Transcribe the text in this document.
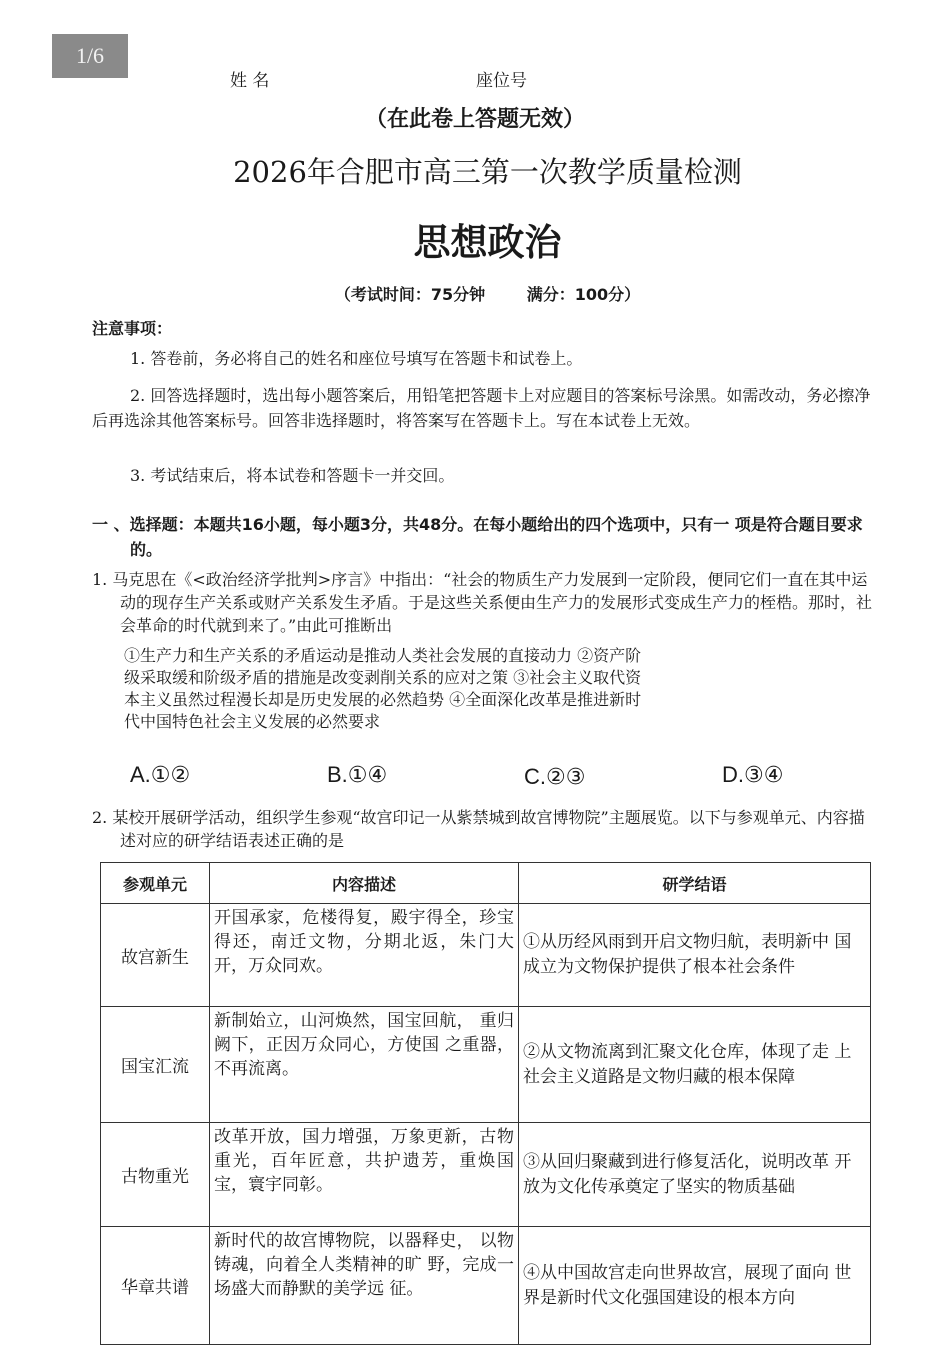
1/6
姓 名	座位号
（在此卷上答题无效）
2026年合肥市高三第一次教学质量检测
思想政治
（考试时间：75分钟	满分：100分）
注意事项：
1. 答卷前，务必将自己的姓名和座位号填写在答题卡和试卷上。
2. 回答选择题时，选出每小题答案后，用铅笔把答题卡上对应题目的答案标号涂黑。如需改动，务必擦净后再选涂其他答案标号。回答非选择题时，将答案写在答题卡上。写在本试卷上无效。
3. 考试结束后，将本试卷和答题卡一并交回。
一 、选择题：本题共16小题，每小题3分，共48分。在每小题给出的四个选项中，只有一 项是符合题目要求的。
1. 马克思在《<政治经济学批判>序言》中指出：“社会的物质生产力发展到一定阶段，便同它们一直在其中运动的现存生产关系或财产关系发生矛盾。于是这些关系便由生产力的发展形式变成生产力的桎梏。那时，社会革命的时代就到来了。”由此可推断出
①生产力和生产关系的矛盾运动是推动人类社会发展的直接动力 ②资产阶级采取缓和阶级矛盾的措施是改变剥削关系的应对之策 ③社会主义取代资本主义虽然过程漫长却是历史发展的必然趋势 ④全面深化改革是推进新时代中国特色社会主义发展的必然要求
A.①②	B.①④	C.②③	D.③④
2. 某校开展研学活动，组织学生参观“故宫印记一从紫禁城到故宫博物院”主题展览。以下与参观单元、内容描述对应的研学结语表述正确的是
参观单元	内容描述	研学结语
故宫新生	开国承家，危楼得复，殿宇得全，珍宝得还，南迁文物，分期北返，朱门大开，万众同欢。	①从历经风雨到开启文物归航，表明新中 国成立为文物保护提供了根本社会条件
国宝汇流	新制始立，山河焕然，国宝回航， 重归阙下，正因万众同心，方使国 之重器，不再流离。	②从文物流离到汇聚文化仓库，体现了走 上社会主义道路是文物归藏的根本保障
古物重光	改革开放，国力增强，万象更新，古物重光，百年匠意，共护遗芳，重焕国宝，寰宇同彰。	③从回归聚藏到进行修复活化，说明改革 开放为文化传承奠定了坚实的物质基础
华章共谱	新时代的故宫博物院，以器释史， 以物铸魂，向着全人类精神的旷 野，完成一场盛大而静默的美学远 征。	④从中国故宫走向世界故宫，展现了面向 世界是新时代文化强国建设的根本方向
